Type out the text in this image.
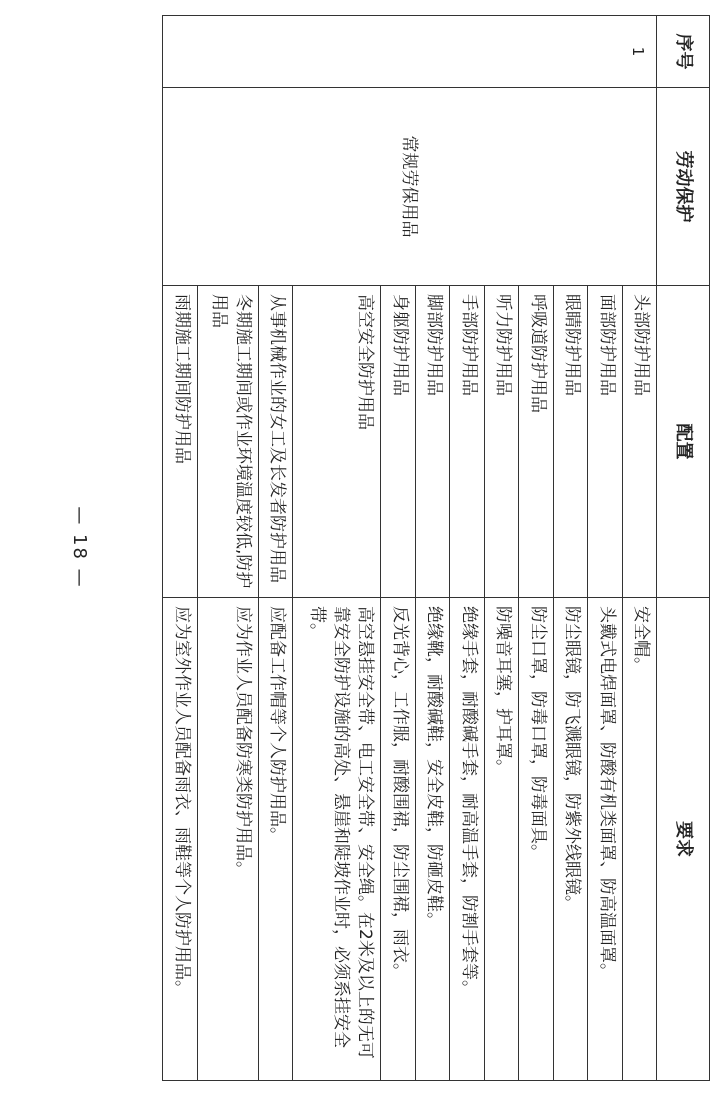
序号	劳动保护	配置	要求
1	常规劳保用品	头部防护用品	安全帽。
		面部防护用品	头戴式电焊面罩、防酸有机类面罩、防高温面罩。
		眼睛防护用品	防尘眼镜，防飞溅眼镜，防紫外线眼镜。
		呼吸道防护用品	防尘口罩，防毒口罩，防毒面具。
		听力防护用品	防噪音耳塞，护耳罩。
		手部防护用品	绝缘手套，耐酸碱手套，耐高温手套，防割手套等。
		脚部防护用品	绝缘靴，耐酸碱鞋，安全皮鞋，防砸皮鞋。
		身躯防护用品	反光背心，工作服，耐酸围裙，防尘围裙，雨衣。
		高空安全防护用品	高空悬挂安全带、电工安全带、安全绳。在2米及以上的无可靠安全防护设施的高处、悬崖和陡坡作业时，必须系挂安全带。
		从事机械作业的女工及长发者防护用品	应配备工作帽等个人防护用品。
		冬期施工期间或作业环境温度较低,防护用品	应为作业人员配备防寒类防护用品。
		雨期施工期间防护用品	应为室外作业人员配备雨衣、雨鞋等个人防护用品。
— 18 —
